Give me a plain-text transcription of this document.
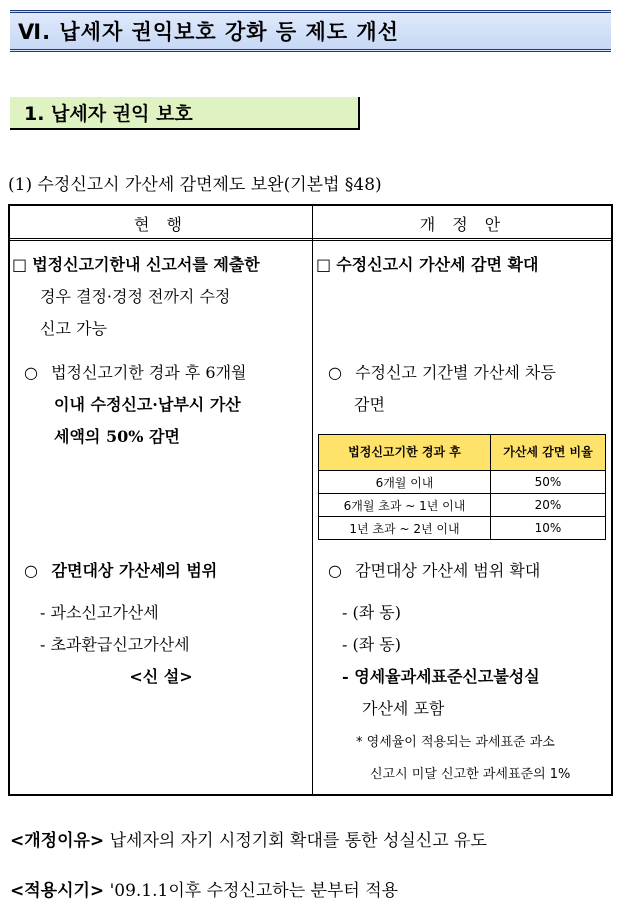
Ⅵ. 납세자 권익보호 강화 등 제도 개선
1. 납세자 권익 보호
(1) 수정신고시 가산세 감면제도 보완(기본법 §48)
현 행	개 정 안
□ 법정신고기한내 신고서를 제출한
경우 결정·경정 전까지 수정
신고 가능
○ 법정신고기한 경과 후 6개월
이내 수정신고·납부시 가산
세액의 50% 감면
○ 감면대상 가산세의 범위
- 과소신고가산세
- 초과환급신고가산세
<신 설>
□ 수정신고시 가산세 감면 확대
○ 수정신고 기간별 가산세 차등
감면
법정신고기한 경과 후	가산세 감면 비율
6개월 이내	50%
6개월 초과 ~ 1년 이내	20%
1년 초과 ~ 2년 이내	10%
○ 감면대상 가산세 범위 확대
- (좌 동)
- (좌 동)
- 영세율과세표준신고불성실
가산세 포함
* 영세율이 적용되는 과세표준 과소
신고시 미달 신고한 과세표준의 1%
<개정이유> 납세자의 자기 시정기회 확대를 통한 성실신고 유도
<적용시기> '09.1.1이후 수정신고하는 분부터 적용
